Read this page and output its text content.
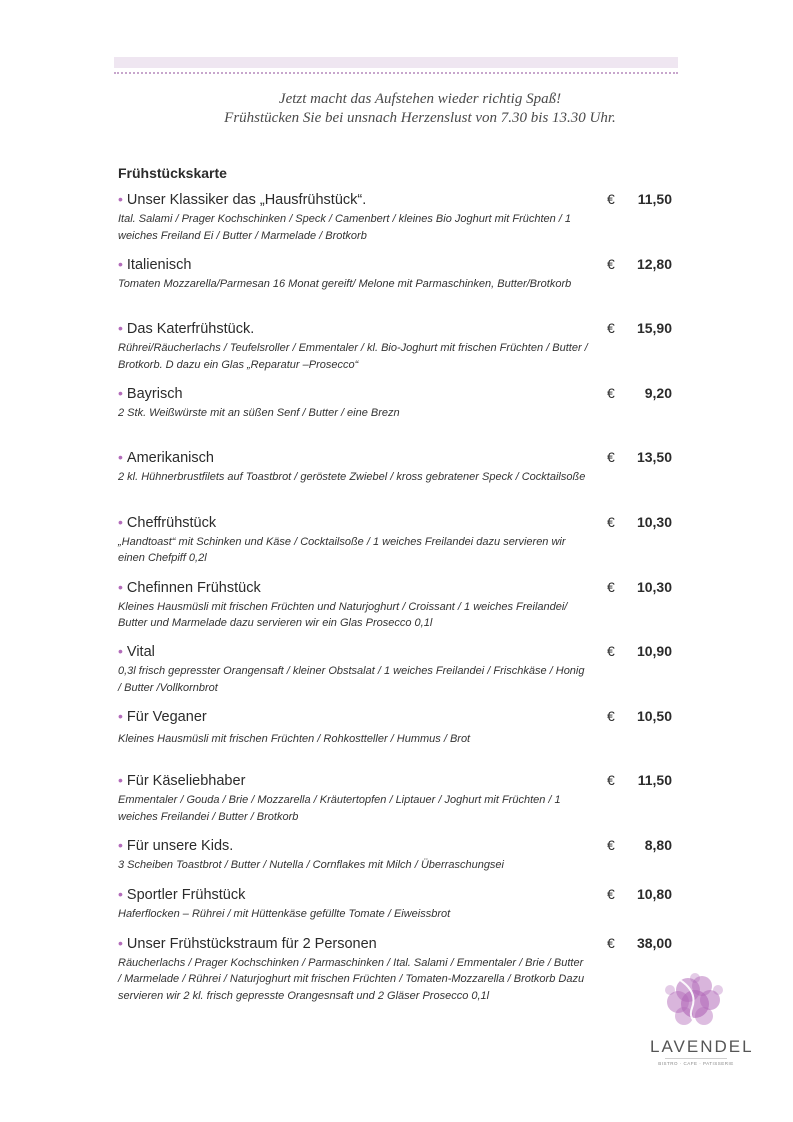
Jetzt macht das Aufstehen wieder richtig Spaß!
Frühstücken Sie bei unsnach Herzenslust von 7.30 bis 13.30 Uhr.
Frühstückskarte
• Unser Klassiker das „Hausfrühstück“.
Ital. Salami / Prager Kochschinken / Speck / Camenbert / kleines Bio Joghurt mit Früchten / 1 weiches Freiland Ei / Butter / Marmelade / Brotkorb
€ 11,50
• Italienisch
Tomaten Mozzarella/Parmesan 16 Monat gereift/ Melone mit Parmaschinken, Butter/Brotkorb
€ 12,80
• Das Katerfrühstück.
Rührei/Räucherlachs / Teufelsroller / Emmentaler / kl. Bio-Joghurt mit frischen Früchten / Butter / Brotkorb. D dazu ein Glas „Reparatur –Prosecco“
€ 15,90
• Bayrisch
2 Stk. Weißwürste mit an süßen Senf / Butter / eine Brezn
€ 9,20
• Amerikanisch
2 kl. Hühnerbrustfilets auf Toastbrot / geröstete Zwiebel / kross gebratener Speck / Cocktailsoße
€ 13,50
• Cheffrühstück
„Handtoast“ mit Schinken und Käse / Cocktailsoße / 1 weiches Freilandei dazu servieren wir einen Chefpiff 0,2l
€ 10,30
• Chefinnen Frühstück
Kleines Hausmüsli mit frischen Früchten und Naturjoghurt / Croissant / 1 weiches Freilandei/ Butter und Marmelade dazu servieren wir ein Glas Prosecco 0,1l
€ 10,30
• Vital
0,3l frisch gepresster Orangensaft / kleiner Obstsalat / 1 weiches Freilandei / Frischkäse / Honig / Butter /Vollkornbrot
€ 10,90
• Für Veganer
Kleines Hausmüsli mit frischen Früchten / Rohkostteller / Hummus / Brot
€ 10,50
• Für Käseliebhaber
Emmentaler / Gouda / Brie / Mozzarella / Kräutertopfen / Liptauer / Joghurt mit Früchten / 1 weiches Freilandei / Butter / Brotkorb
€ 11,50
• Für unsere Kids.
3 Scheiben Toastbrot / Butter / Nutella / Cornflakes mit Milch / Überraschungsei
€ 8,80
• Sportler Frühstück
Haferflocken – Rührei / mit Hüttenkäse gefüllte Tomate / Eiweissbrot
€ 10,80
• Unser Frühstückstraum für 2 Personen
Räucherlachs / Prager Kochschinken / Parmaschinken / Ital. Salami / Emmentaler / Brie / Butter / Marmelade / Rührei / Naturjoghurt mit frischen Früchten / Tomaten-Mozzarella / Brotkorb Dazu servieren wir 2 kl. frisch gepresste Orangesnsaft und 2 Gläser Prosecco 0,1l
€ 38,00
LAVENDEL
BISTRO · CAFE · PATISSERIE
